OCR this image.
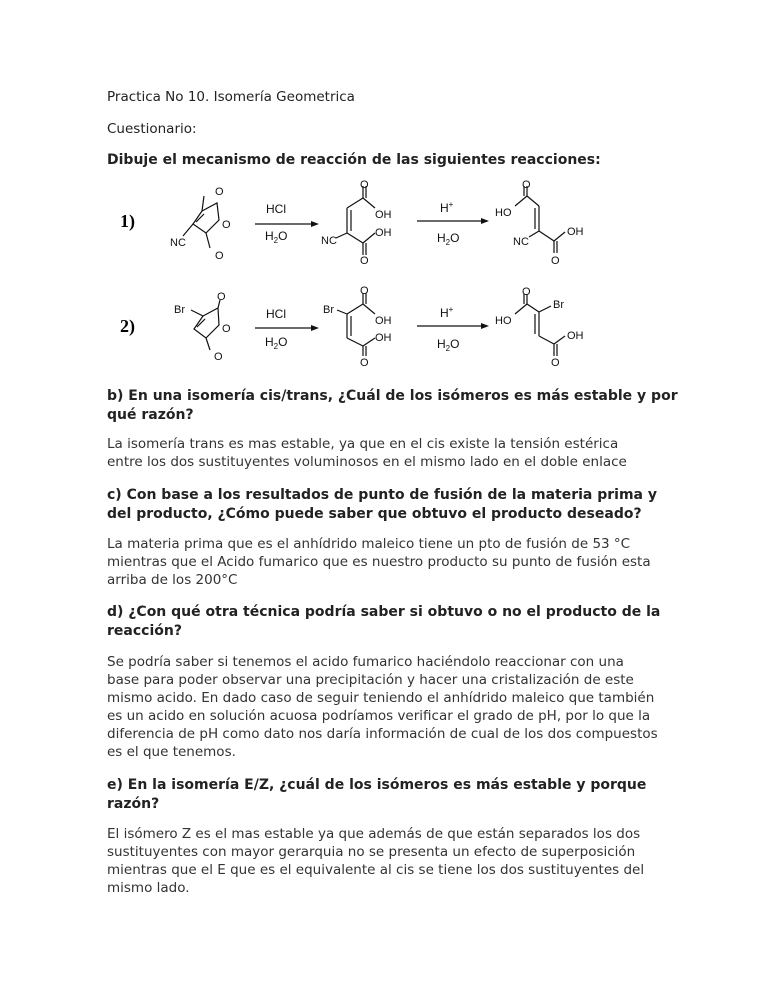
Practica No 10. Isomería Geometrica
Cuestionario:
Dibuje el mecanismo de reacción de las siguientes reacciones:
1)
O
O
O
NC
HCl
$H_2O$
O
OH
OH
O
NC
H+
$H_2O$
O
HO
OH
O
NC
2)
O
O
O
Br	HCl
$H_2O$
O
OH
OH
O
Br	H+
$H_2O$
O
HO
Br
OH
O
b) En una isomería cis/trans, ¿Cuál de los isómeros es más estable y por
qué razón?
La isomería trans es mas estable, ya que en el cis existe la tensión estérica
entre los dos sustituyentes voluminosos en el mismo lado en el doble enlace
c) Con base a los resultados de punto de fusión de la materia prima y
del producto, ¿Cómo puede saber que obtuvo el producto deseado?
La materia prima que es el anhídrido maleico tiene un pto de fusión de 53 °C
mientras que el Acido fumarico que es nuestro producto su punto de fusión esta
arriba de los 200°C
d) ¿Con qué otra técnica podría saber si obtuvo o no el producto de la
reacción?
Se podría saber si tenemos el acido fumarico haciéndolo reaccionar con una
base para poder observar una precipitación y hacer una cristalización de este
mismo acido. En dado caso de seguir teniendo el anhídrido maleico que también
es un acido en solución acuosa podríamos verificar el grado de pH, por lo que la
diferencia de pH como dato nos daría información de cual de los dos compuestos
es el que tenemos.
e) En la isomería E/Z, ¿cuál de los isómeros es más estable y porque
razón?
El isómero Z es el mas estable ya que además de que están separados los dos
sustituyentes con mayor gerarquia no se presenta un efecto de superposición
mientras que el E que es el equivalente al cis se tiene los dos sustituyentes del
mismo lado.
